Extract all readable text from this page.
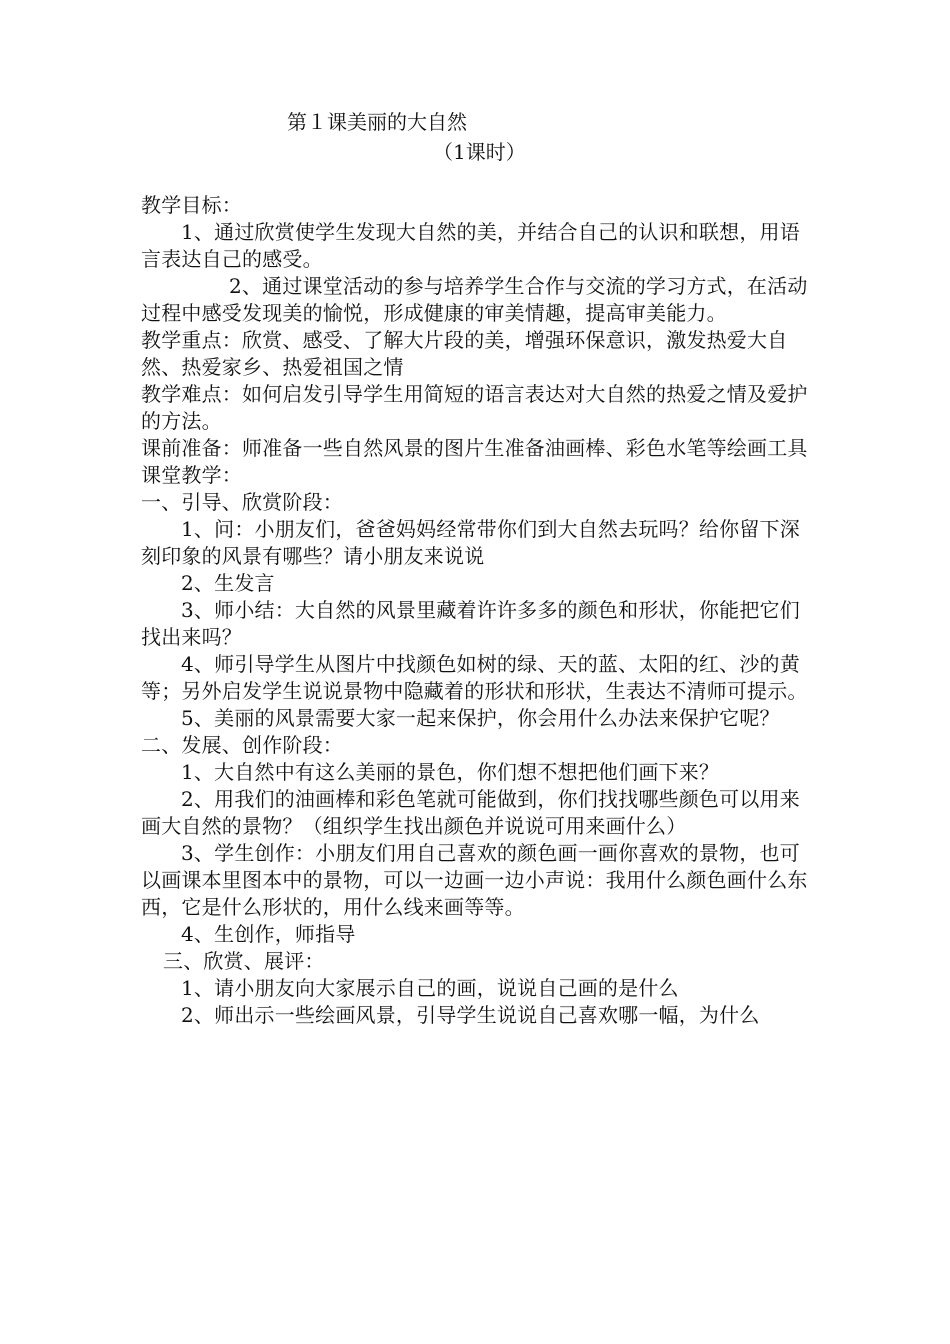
第１课美丽的大自然
（1课时）

教学目标：

1、通过欣赏使学生发现大自然的美，并结合自己的认识和联想，用语言表达自己的感受。

2、通过课堂活动的参与培养学生合作与交流的学习方式，在活动过程中感受发现美的愉悦，形成健康的审美情趣，提高审美能力。

教学重点：欣赏、感受、了解大片段的美，增强环保意识，激发热爱大自然、热爱家乡、热爱祖国之情

教学难点：如何启发引导学生用简短的语言表达对大自然的热爱之情及爱护的方法。

课前准备：师准备一些自然风景的图片生准备油画棒、彩色水笔等绘画工具课堂教学：

一、引导、欣赏阶段：

1、问：小朋友们，爸爸妈妈经常带你们到大自然去玩吗？给你留下深刻印象的风景有哪些？请小朋友来说说

2、生发言

3、师小结：大自然的风景里藏着许许多多的颜色和形状，你能把它们找出来吗？

4、师引导学生从图片中找颜色如树的绿、天的蓝、太阳的红、沙的黄等；另外启发学生说说景物中隐藏着的形状和形状，生表达不清师可提示。

5、美丽的风景需要大家一起来保护，你会用什么办法来保护它呢？

二、发展、创作阶段：

1、大自然中有这么美丽的景色，你们想不想把他们画下来？

2、用我们的油画棒和彩色笔就可能做到，你们找找哪些颜色可以用来画大自然的景物？（组织学生找出颜色并说说可用来画什么）

3、学生创作：小朋友们用自己喜欢的颜色画一画你喜欢的景物，也可以画课本里图本中的景物，可以一边画一边小声说：我用什么颜色画什么东西，它是什么形状的，用什么线来画等等。

4、生创作，师指导

三、欣赏、展评：

1、请小朋友向大家展示自己的画，说说自己画的是什么

2、师出示一些绘画风景，引导学生说说自己喜欢哪一幅，为什么
